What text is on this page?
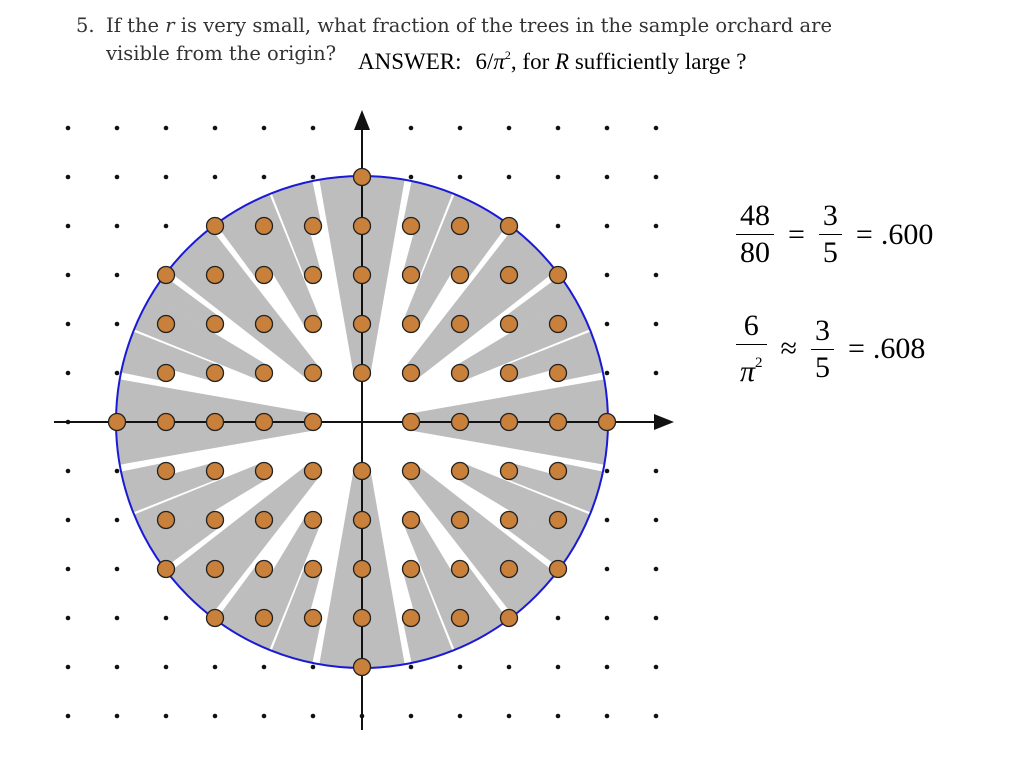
5. If the r is very small, what fraction of the trees in the sample orchard are
visible from the origin? ANSWER: $6/\pi^2$, for R sufficiently large ?
$\frac{48}{80} = \frac{3}{5} = .600$
$\frac{6}{\pi^2} \approx \frac{3}{5} = .608$
